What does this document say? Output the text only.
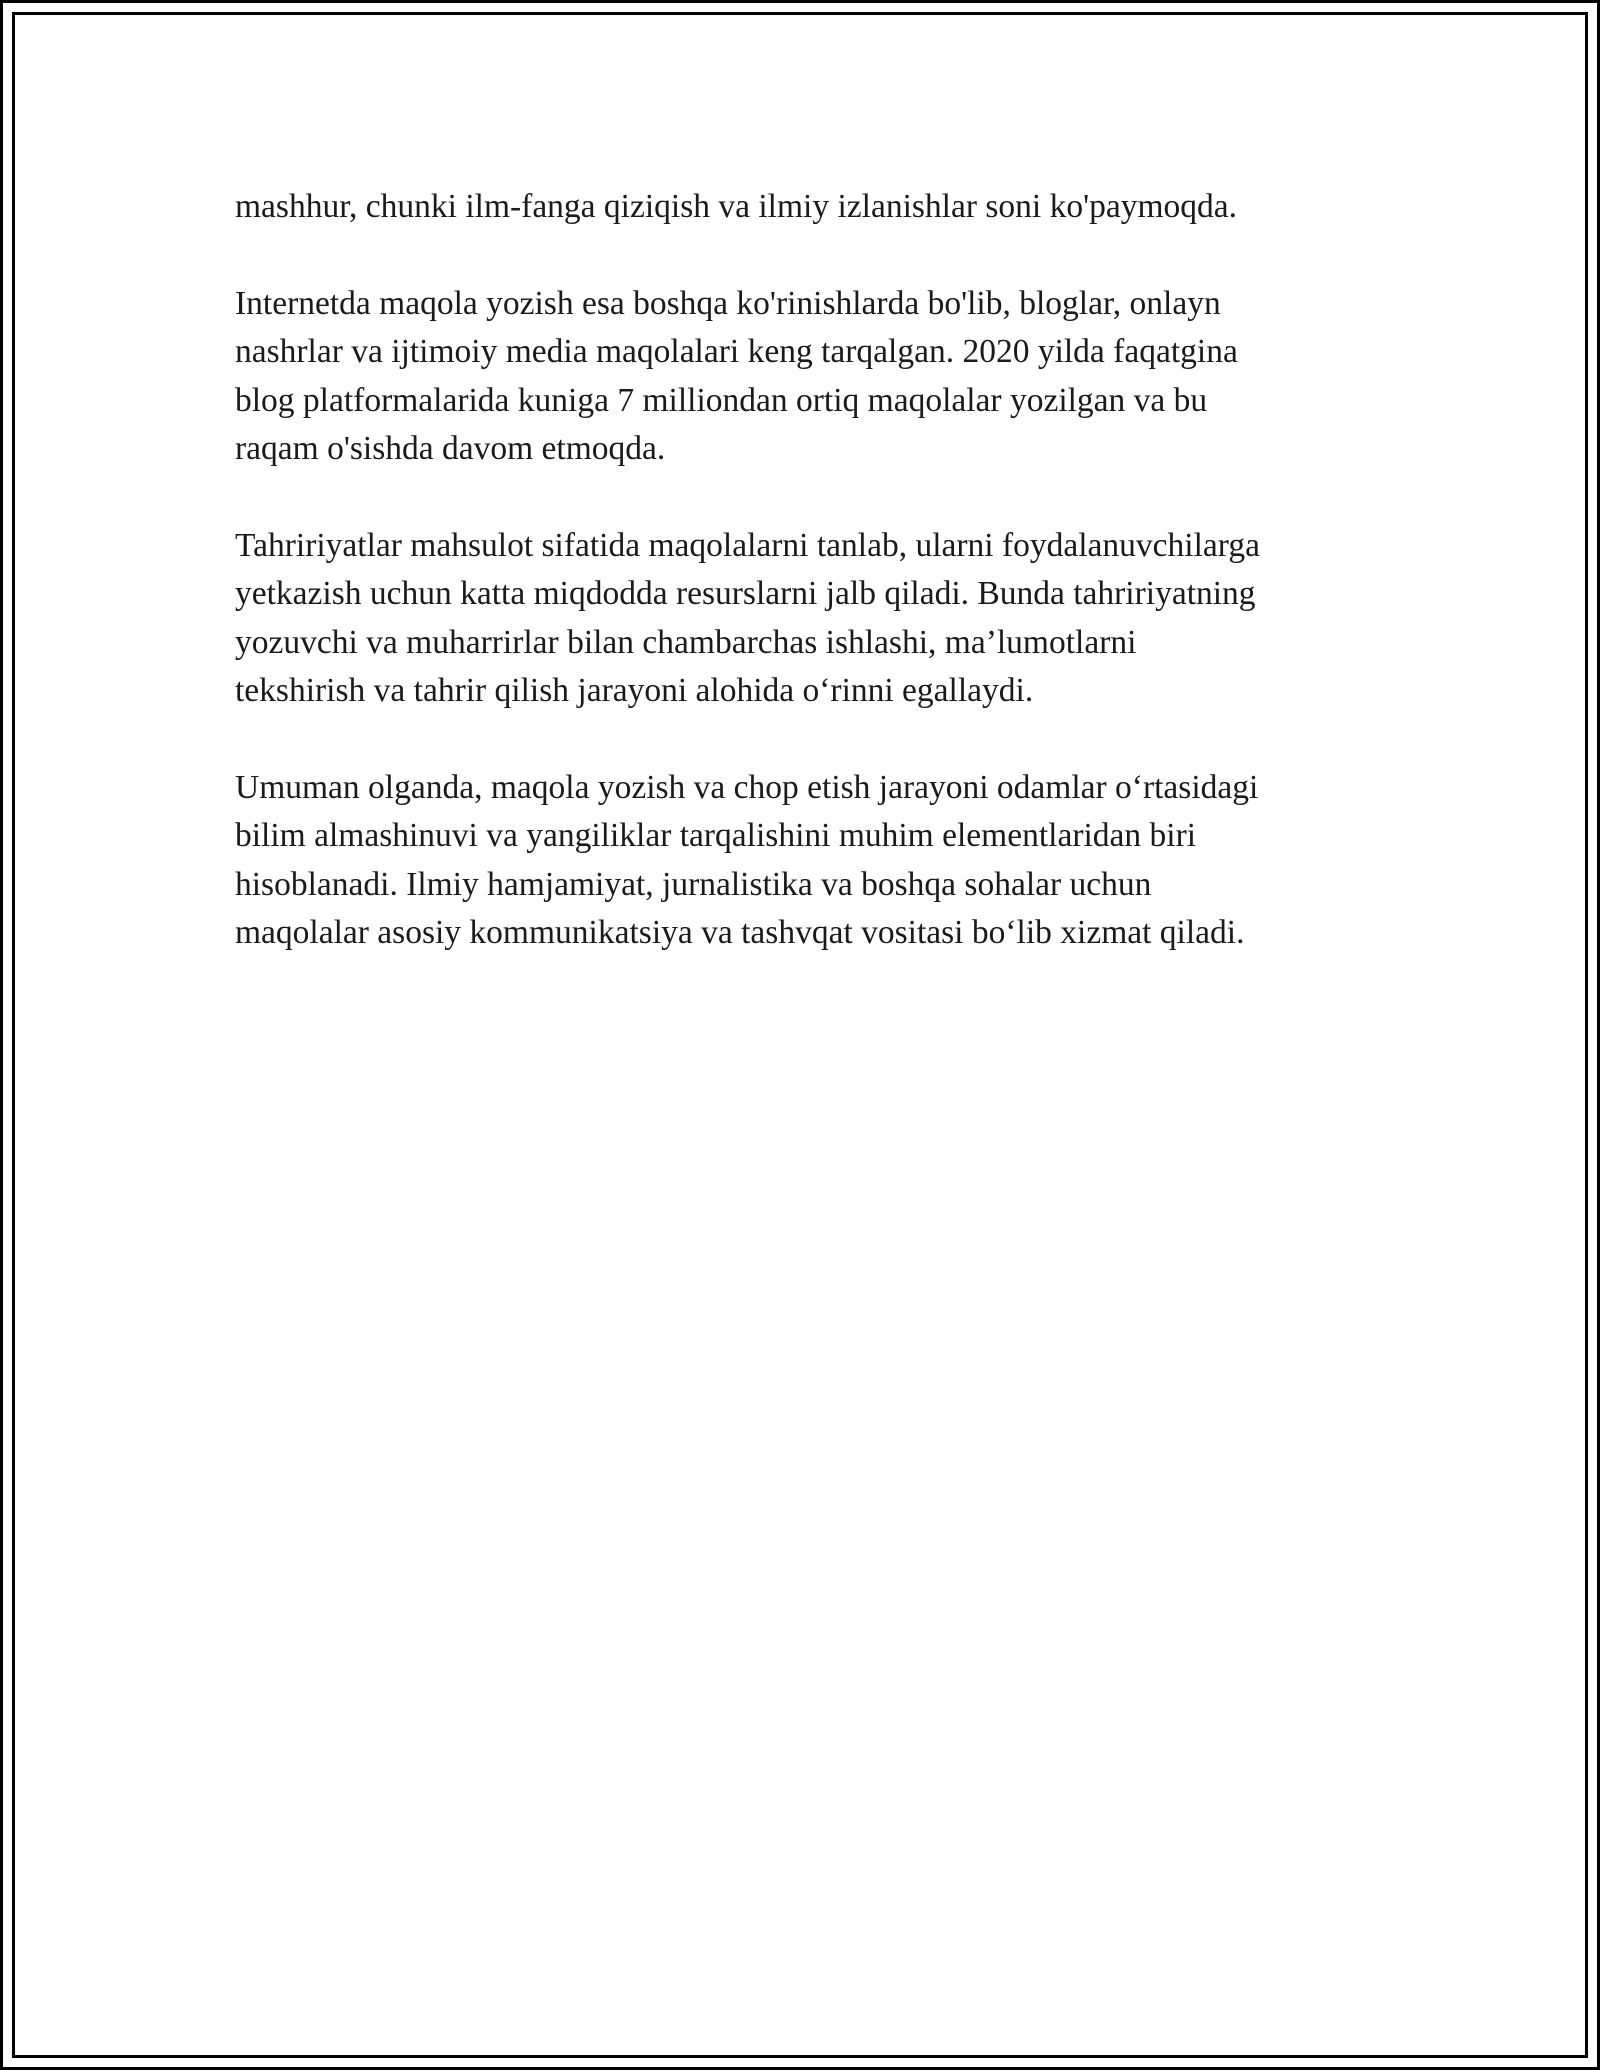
mashhur, chunki ilm-fanga qiziqish va ilmiy izlanishlar soni ko'paymoqda.

Internetda maqola yozish esa boshqa ko'rinishlarda bo'lib, bloglar, onlayn
nashrlar va ijtimoiy media maqolalari keng tarqalgan. 2020 yilda faqatgina
blog platformalarida kuniga 7 milliondan ortiq maqolalar yozilgan va bu
raqam o'sishda davom etmoqda.

Tahririyatlar mahsulot sifatida maqolalarni tanlab, ularni foydalanuvchilarga
yetkazish uchun katta miqdodda resurslarni jalb qiladi. Bunda tahririyatning
yozuvchi va muharrirlar bilan chambarchas ishlashi, ma’lumotlarni
tekshirish va tahrir qilish jarayoni alohida o‘rinni egallaydi.

Umuman olganda, maqola yozish va chop etish jarayoni odamlar o‘rtasidagi
bilim almashinuvi va yangiliklar tarqalishini muhim elementlaridan biri
hisoblanadi. Ilmiy hamjamiyat, jurnalistika va boshqa sohalar uchun
maqolalar asosiy kommunikatsiya va tashvqat vositasi bo‘lib xizmat qiladi.
